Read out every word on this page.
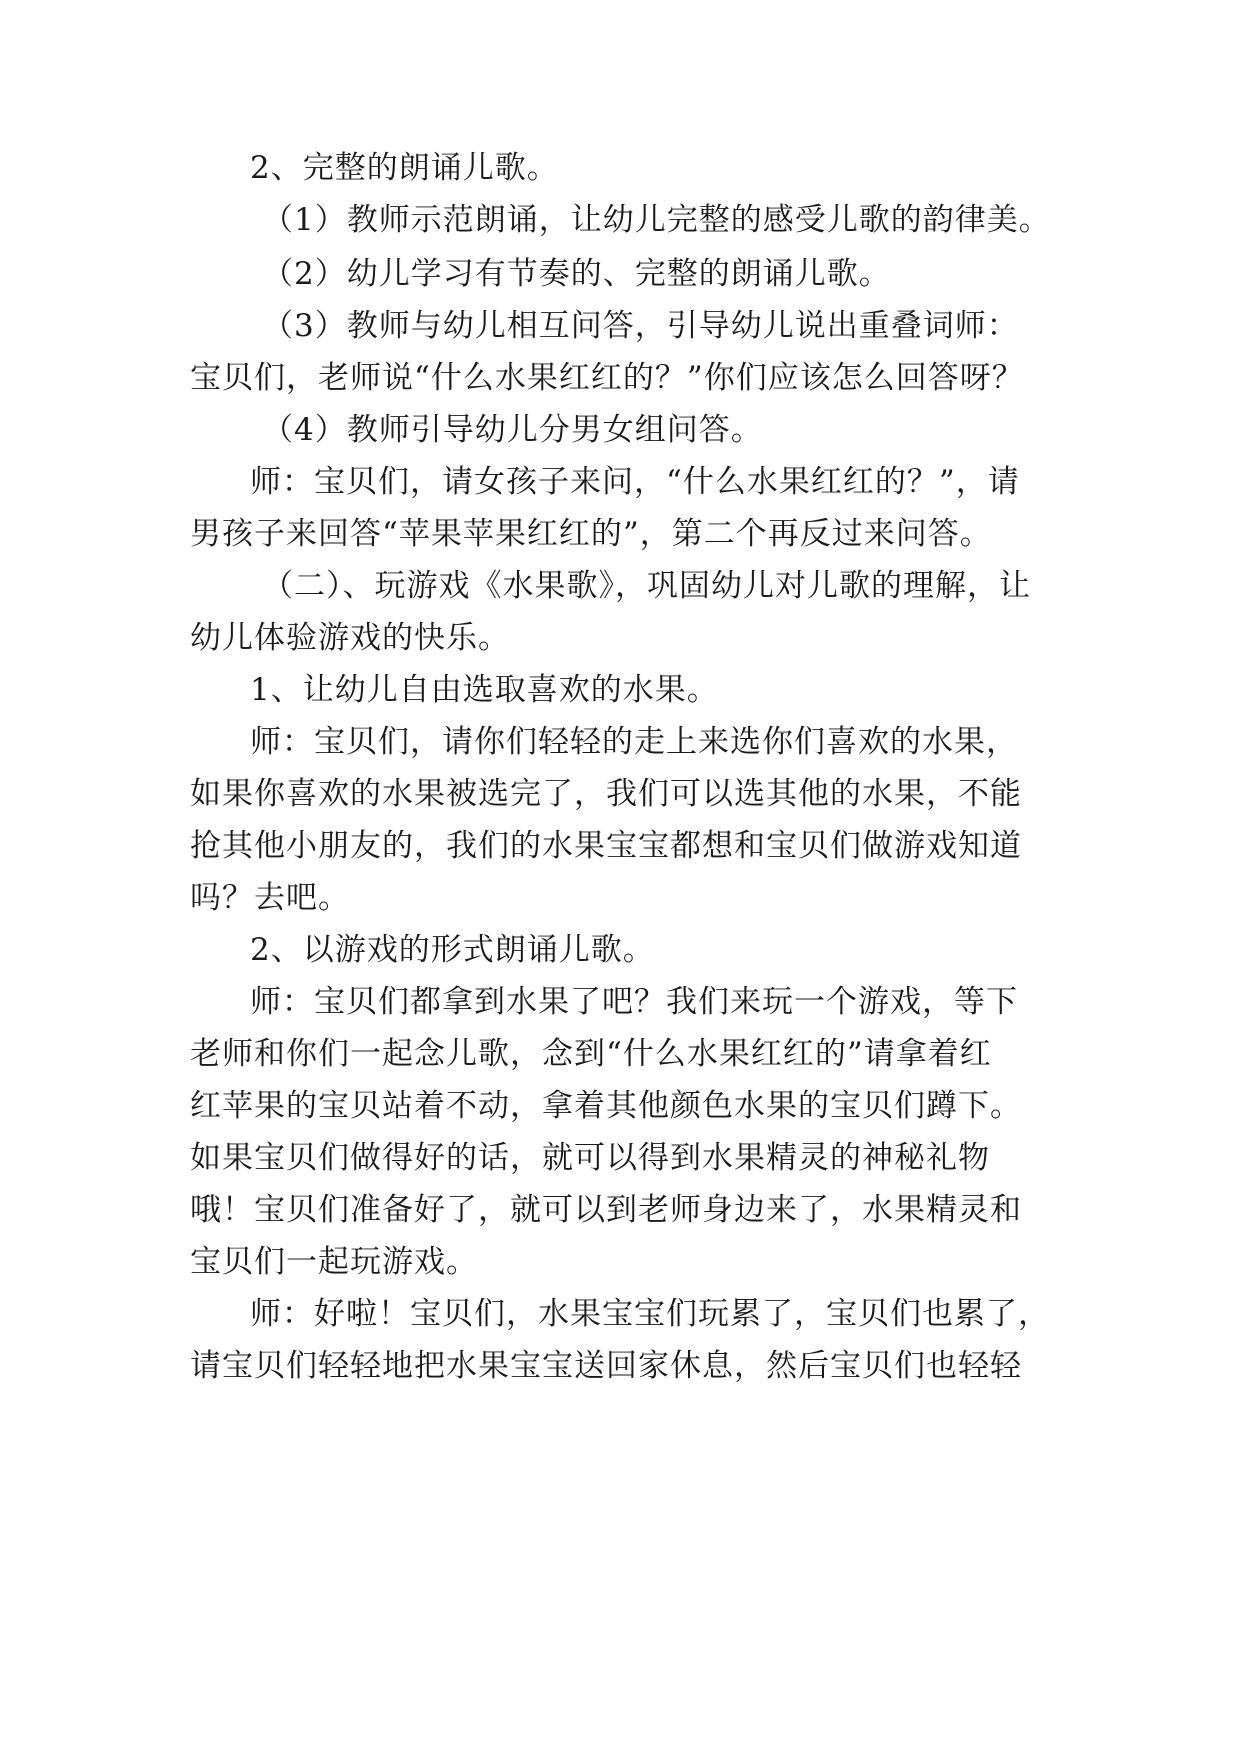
2、完整的朗诵儿歌。
（1）教师示范朗诵，让幼儿完整的感受儿歌的韵律美。
（2）幼儿学习有节奏的、完整的朗诵儿歌。
（3）教师与幼儿相互问答，引导幼儿说出重叠词师：
宝贝们，老师说“什么水果红红的？”你们应该怎么回答呀？
（4）教师引导幼儿分男女组问答。
师：宝贝们，请女孩子来问，“什么水果红红的？”，请
男孩子来回答“苹果苹果红红的”，第二个再反过来问答。
（二）、玩游戏《水果歌》，巩固幼儿对儿歌的理解，让
幼儿体验游戏的快乐。
1、让幼儿自由选取喜欢的水果。
师：宝贝们，请你们轻轻的走上来选你们喜欢的水果，
如果你喜欢的水果被选完了，我们可以选其他的水果，不能
抢其他小朋友的，我们的水果宝宝都想和宝贝们做游戏知道
吗？去吧。
2、以游戏的形式朗诵儿歌。
师：宝贝们都拿到水果了吧？我们来玩一个游戏，等下
老师和你们一起念儿歌，念到“什么水果红红的”请拿着红
红苹果的宝贝站着不动，拿着其他颜色水果的宝贝们蹲下。
如果宝贝们做得好的话，就可以得到水果精灵的神秘礼物
哦！宝贝们准备好了，就可以到老师身边来了，水果精灵和
宝贝们一起玩游戏。
师：好啦！宝贝们，水果宝宝们玩累了，宝贝们也累了，
请宝贝们轻轻地把水果宝宝送回家休息，然后宝贝们也轻轻
